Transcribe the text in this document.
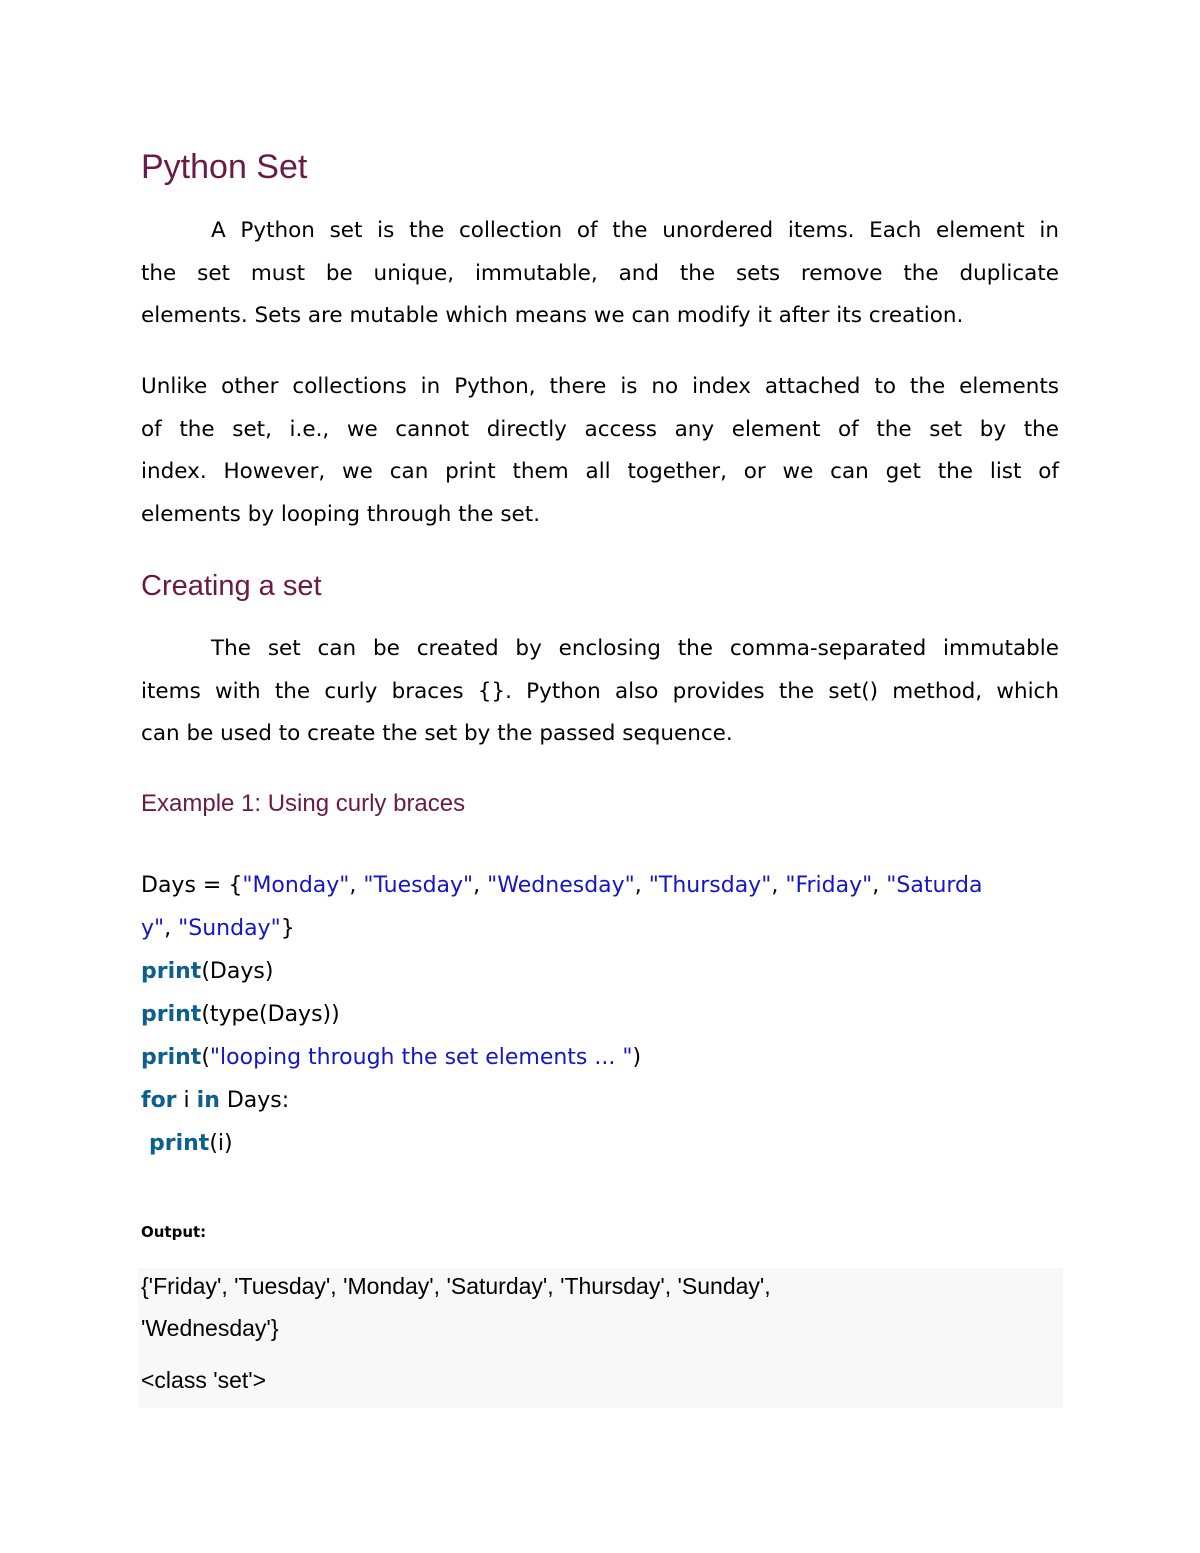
Python Set
A Python set is the collection of the unordered items. Each element in
the set must be unique, immutable, and the sets remove the duplicate
elements. Sets are mutable which means we can modify it after its creation.
Unlike other collections in Python, there is no index attached to the elements
of the set, i.e., we cannot directly access any element of the set by the
index. However, we can print them all together, or we can get the list of
elements by looping through the set.
Creating a set
The set can be created by enclosing the comma-separated immutable
items with the curly braces {}. Python also provides the set() method, which
can be used to create the set by the passed sequence.
Example 1: Using curly braces
Days = {"Monday", "Tuesday", "Wednesday", "Thursday", "Friday", "Saturda
y", "Sunday"}
print(Days)
print(type(Days))
print("looping through the set elements ... ")
for i in Days:
print(i)

Output:

{'Friday', 'Tuesday', 'Monday', 'Saturday', 'Thursday', 'Sunday',

'Wednesday'}

<class 'set'>
